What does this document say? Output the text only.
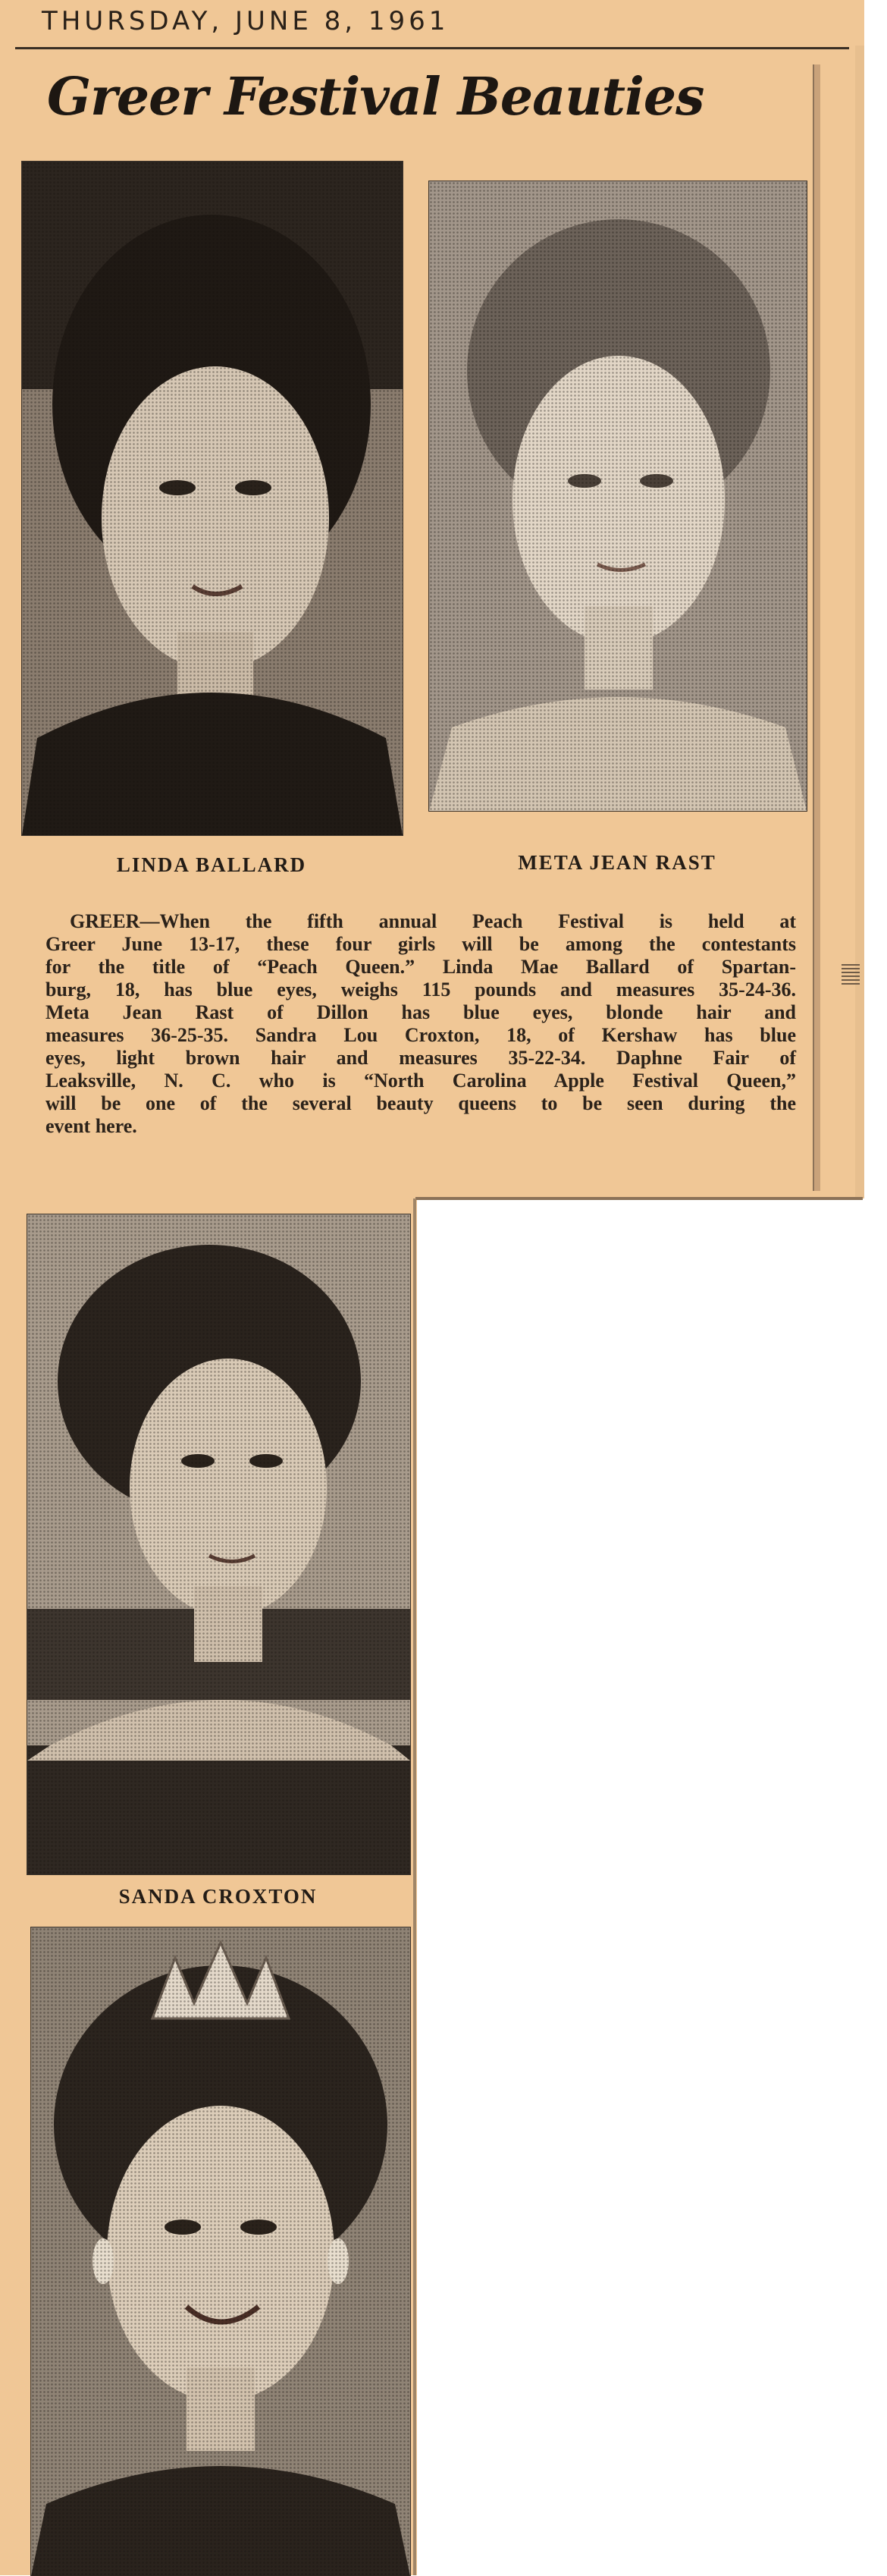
THURSDAY, JUNE 8, 1961
Greer Festival Beauties
LINDA BALLARD	META JEAN RAST
GREER—When the fifth annual Peach Festival is held at
Greer June 13-17, these four girls will be among the contestants
for the title of “Peach Queen.” Linda Mae Ballard of Spartan-
burg, 18, has blue eyes, weighs 115 pounds and measures 35-24-36.
Meta Jean Rast of Dillon has blue eyes, blonde hair and
measures 36-25-35. Sandra Lou Croxton, 18, of Kershaw has blue
eyes, light brown hair and measures 35-22-34. Daphne Fair of
Leaksville, N. C. who is “North Carolina Apple Festival Queen,”
will be one of the several beauty queens to be seen during the
event here.
SANDA CROXTON
